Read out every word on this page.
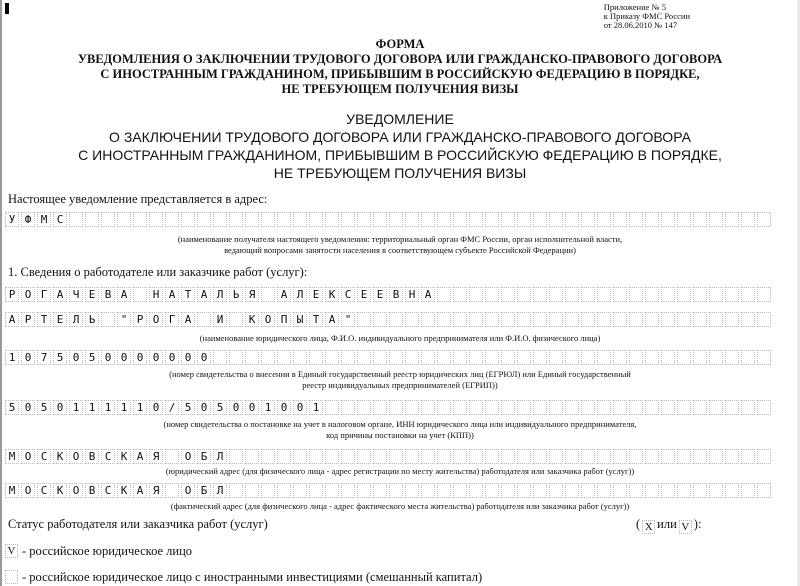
Приложение № 5
к Приказу ФМС России
от 28.06.2010 № 147
ФОРМА
УВЕДОМЛЕНИЯ О ЗАКЛЮЧЕНИИ ТРУДОВОГО ДОГОВОРА ИЛИ ГРАЖДАНСКО-ПРАВОВОГО ДОГОВОРА
С ИНОСТРАННЫМ ГРАЖДАНИНОМ, ПРИБЫВШИМ В РОССИЙСКУЮ ФЕДЕРАЦИЮ В ПОРЯДКЕ,
НЕ ТРЕБУЮЩЕМ ПОЛУЧЕНИЯ ВИЗЫ
УВЕДОМЛЕНИЕ
О ЗАКЛЮЧЕНИИ ТРУДОВОГО ДОГОВОРА ИЛИ ГРАЖДАНСКО-ПРАВОВОГО ДОГОВОРА
С ИНОСТРАННЫМ ГРАЖДАНИНОМ, ПРИБЫВШИМ В РОССИЙСКУЮ ФЕДЕРАЦИЮ В ПОРЯДКЕ,
НЕ ТРЕБУЮЩЕМ ПОЛУЧЕНИЯ ВИЗЫ
Настоящее уведомление представляется в адрес:
У Ф М С
(наименование получателя настоящего уведомления: территориальный орган ФМС России, орган исполнительной власти,
ведающий вопросами занятости населения в соответствующем субъекте Российской Федерации)
1. Сведения о работодателе или заказчике работ (услуг):
Р О Г А Ч Е В А	Н А Т А Л Ь Я	А Л Е К С Е Е В Н А
А Р Т Е Л Ь	" Р О Г А	И	К О П Ы Т А "
(наименование юридического лица, Ф.И.О. индивидуального предпринимателя или Ф.И.О. физического лица)
1 0 7 5 0 5 0 0 0 0 0 0 0
(номер свидетельства о внесении в Единый государственный реестр юридических лиц (ЕГРЮЛ) или Единый государственный
реестр индивидуальных предпринимателей (ЕГРИП))
5 0 5 0 1 1 1 1 1 0 / 5 0 5 0 0 1 0 0 1
(номер свидетельства о постановке на учет в налоговом органе, ИНН юридического лица или индивидуального предпринимателя,
код причины постановки на учет (КПП))
М О С К О В С К А Я	О Б Л
(юридический адрес (для физического лица - адрес регистрации по месту жительства) работодателя или заказчика работ (услуг))
М О С К О В С К А Я	О Б Л
(фактический адрес (для физического лица - адрес фактического места жительства) работодателя или заказчика работ (услуг))
Статус работодателя или заказчика работ (услуг)	( X или V ):
V - российское юридическое лицо
- российское юридическое лицо с иностранными инвестициями (смешанный капитал)
